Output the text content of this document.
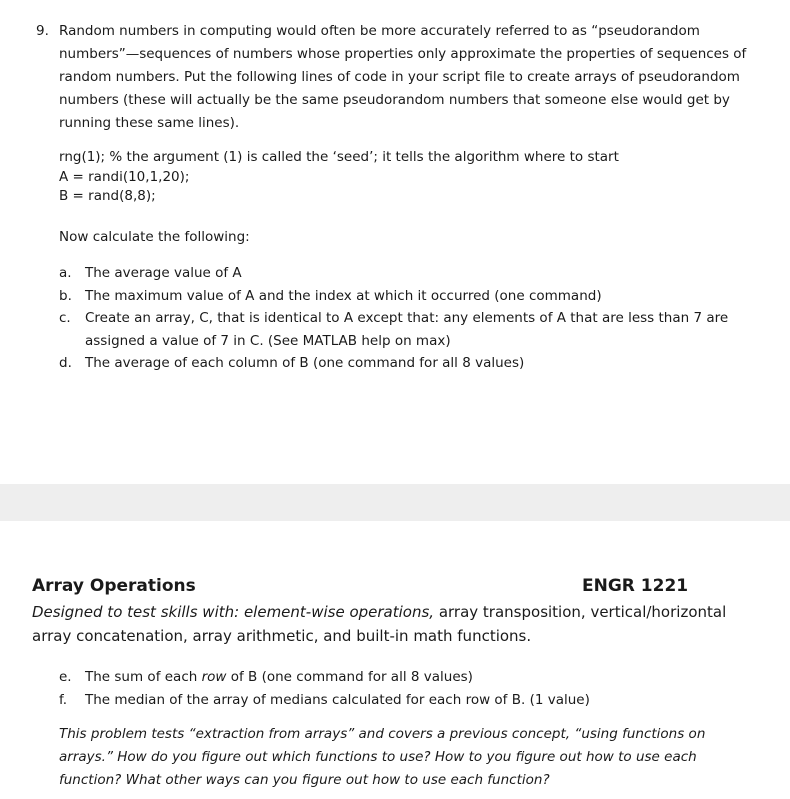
9. Random numbers in computing would often be more accurately referred to as “pseudorandom numbers”—sequences of numbers whose properties only approximate the properties of sequences of random numbers. Put the following lines of code in your script file to create arrays of pseudorandom numbers (these will actually be the same pseudorandom numbers that someone else would get by running these same lines).
rng(1); % the argument (1) is called the ‘seed’; it tells the algorithm where to start
A = randi(10,1,20);
B = rand(8,8);
Now calculate the following:
a. The average value of A
b. The maximum value of A and the index at which it occurred (one command)
c.	Create an array, C, that is identical to A except that: any elements of A that are less than 7 are assigned a value of 7 in C. (See MATLAB help on max)
d. The average of each column of B (one command for all 8 values)
Array Operations	ENGR 1221
Designed to test skills with: element-wise operations, array transposition, vertical/horizontal array concatenation, array arithmetic, and built-in math functions.
e. The sum of each row of B (one command for all 8 values)
f.	The median of the array of medians calculated for each row of B. (1 value)
This problem tests “extraction from arrays” and covers a previous concept, “using functions on arrays.” How do you figure out which functions to use? How to you figure out how to use each function? What other ways can you figure out how to use each function?
